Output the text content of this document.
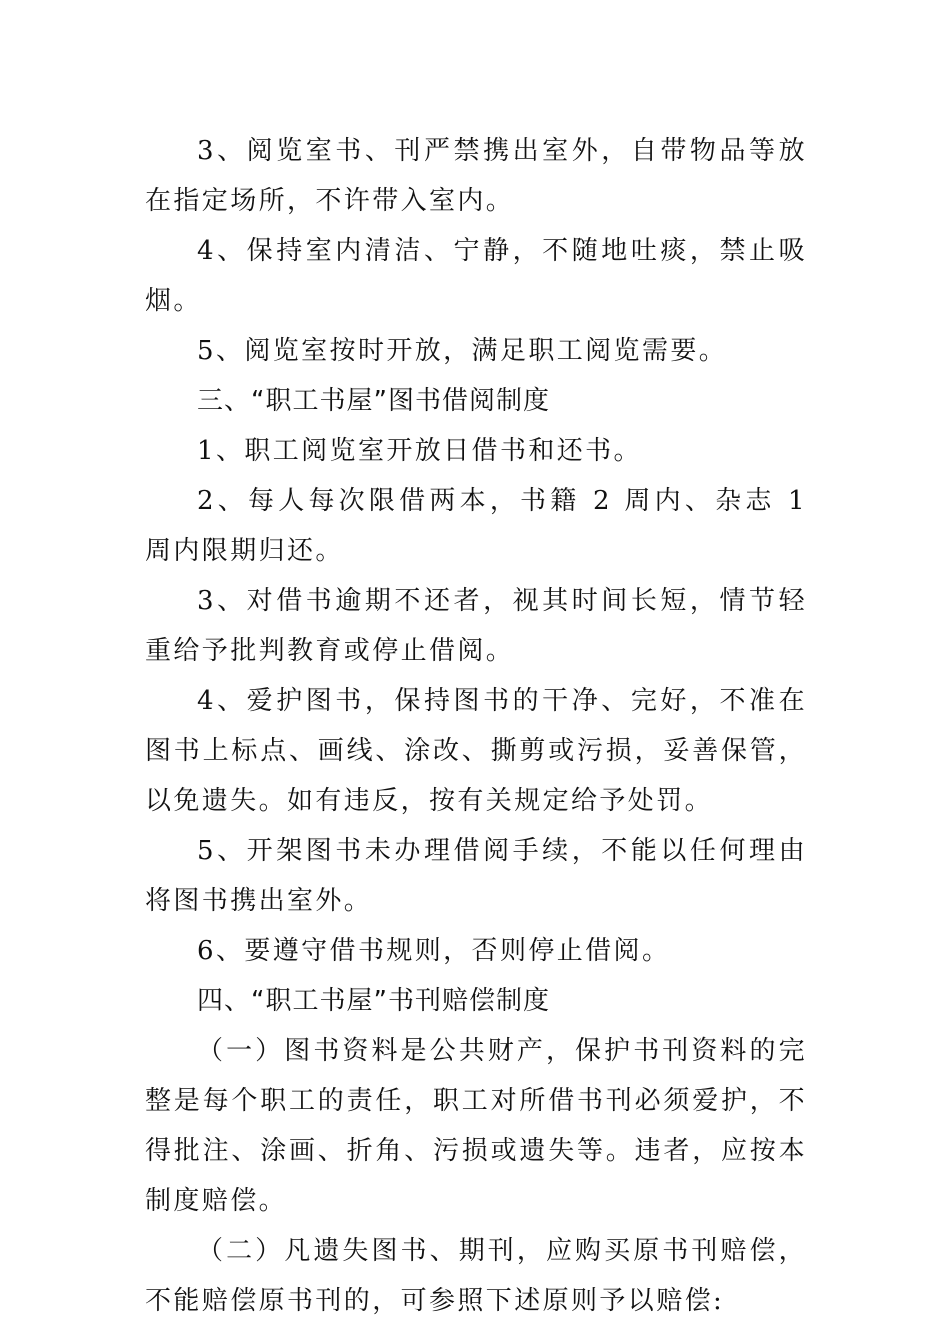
3、阅览室书、刊严禁携出室外，自带物品等放在指定场所，不许带入室内。

4、保持室内清洁、宁静，不随地吐痰，禁止吸烟。

5、阅览室按时开放，满足职工阅览需要。

三、“职工书屋”图书借阅制度

1、职工阅览室开放日借书和还书。

2、每人每次限借两本，书籍 2 周内、杂志 1 周内限期归还。

3、对借书逾期不还者，视其时间长短，情节轻重给予批判教育或停止借阅。

4、爱护图书，保持图书的干净、完好，不准在图书上标点、画线、涂改、撕剪或污损，妥善保管，以免遗失。如有违反，按有关规定给予处罚。

5、开架图书未办理借阅手续，不能以任何理由将图书携出室外。

6、要遵守借书规则，否则停止借阅。

四、“职工书屋”书刊赔偿制度

（一）图书资料是公共财产，保护书刊资料的完整是每个职工的责任，职工对所借书刊必须爱护，不得批注、涂画、折角、污损或遗失等。违者，应按本制度赔偿。

（二）凡遗失图书、期刊，应购买原书刊赔偿，不能赔偿原书刊的，可参照下述原则予以赔偿:
